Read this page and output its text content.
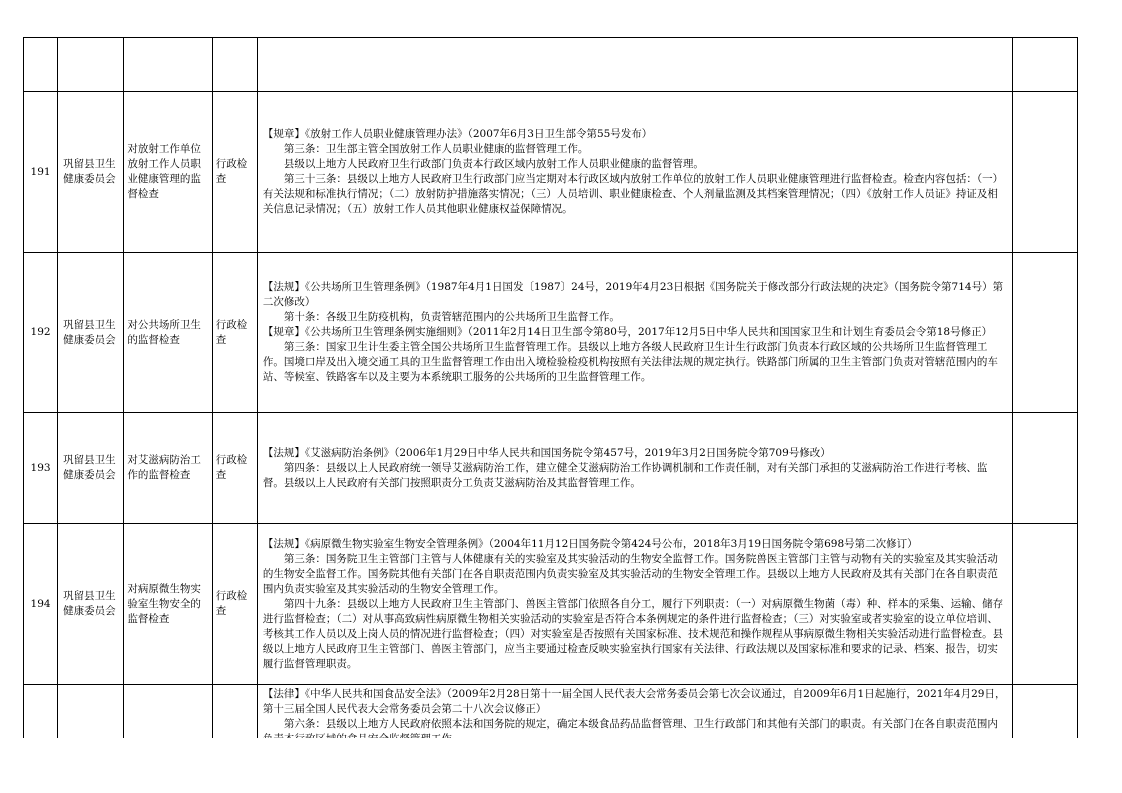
191	巩留县卫生健康委员会	对放射工作单位放射工作人员职业健康管理的监督检查	行政检查	【规章】《放射工作人员职业健康管理办法》（2007年6月3日卫生部令第55号发布）

第三条：卫生部主管全国放射工作人员职业健康的监督管理工作。

县级以上地方人民政府卫生行政部门负责本行政区域内放射工作人员职业健康的监督管理。

第三十三条：县级以上地方人民政府卫生行政部门应当定期对本行政区域内放射工作单位的放射工作人员职业健康管理进行监督检查。检查内容包括：（一）有关法规和标准执行情况；（二）放射防护措施落实情况；（三）人员培训、职业健康检查、个人剂量监测及其档案管理情况；（四）《放射工作人员证》持证及相关信息记录情况；（五）放射工作人员其他职业健康权益保障情况。	

192	巩留县卫生健康委员会	对公共场所卫生的监督检查	行政检查	【法规】《公共场所卫生管理条例》（1987年4月1日国发〔1987〕24号，2019年4月23日根据《国务院关于修改部分行政法规的决定》（国务院令第714号）第二次修改）

第十条：各级卫生防疫机构，负责管辖范围内的公共场所卫生监督工作。

【规章】《公共场所卫生管理条例实施细则》（2011年2月14日卫生部令第80号，2017年12月5日中华人民共和国国家卫生和计划生育委员会令第18号修正）

第三条：国家卫生计生委主管全国公共场所卫生监督管理工作。县级以上地方各级人民政府卫生计生行政部门负责本行政区域的公共场所卫生监督管理工作。国境口岸及出入境交通工具的卫生监督管理工作由出入境检验检疫机构按照有关法律法规的规定执行。铁路部门所属的卫生主管部门负责对管辖范围内的车站、等候室、铁路客车以及主要为本系统职工服务的公共场所的卫生监督管理工作。	

193	巩留县卫生健康委员会	对艾滋病防治工作的监督检查	行政检查	【法规】《艾滋病防治条例》（2006年1月29日中华人民共和国国务院令第457号，2019年3月2日国务院令第709号修改）

第四条：县级以上人民政府统一领导艾滋病防治工作，建立健全艾滋病防治工作协调机制和工作责任制，对有关部门承担的艾滋病防治工作进行考核、监督。县级以上人民政府有关部门按照职责分工负责艾滋病防治及其监督管理工作。	

194	巩留县卫生健康委员会	对病原微生物实验室生物安全的监督检查	行政检查	【法规】《病原微生物实验室生物安全管理条例》（2004年11月12日国务院令第424号公布，2018年3月19日国务院令第698号第二次修订）

第三条：国务院卫生主管部门主管与人体健康有关的实验室及其实验活动的生物安全监督工作。国务院兽医主管部门主管与动物有关的实验室及其实验活动的生物安全监督工作。国务院其他有关部门在各自职责范围内负责实验室及其实验活动的生物安全管理工作。县级以上地方人民政府及其有关部门在各自职责范围内负责实验室及其实验活动的生物安全管理工作。

第四十九条：县级以上地方人民政府卫生主管部门、兽医主管部门依照各自分工，履行下列职责：（一）对病原微生物菌（毒）种、样本的采集、运输、储存进行监督检查；（二）对从事高致病性病原微生物相关实验活动的实验室是否符合本条例规定的条件进行监督检查；（三）对实验室或者实验室的设立单位培训、考核其工作人员以及上岗人员的情况进行监督检查；（四）对实验室是否按照有关国家标准、技术规范和操作规程从事病原微生物相关实验活动进行监督检查。县级以上地方人民政府卫生主管部门、兽医主管部门，应当主要通过检查反映实验室执行国家有关法律、行政法规以及国家标准和要求的记录、档案、报告，切实履行监督管理职责。	

				【法律】《中华人民共和国食品安全法》（2009年2月28日第十一届全国人民代表大会常务委员会第七次会议通过，自2009年6月1日起施行，2021年4月29日，第十三届全国人民代表大会常务委员会第二十八次会议修正）

第六条：县级以上地方人民政府依照本法和国务院的规定，确定本级食品药品监督管理、卫生行政部门和其他有关部门的职责。有关部门在各自职责范围内	
